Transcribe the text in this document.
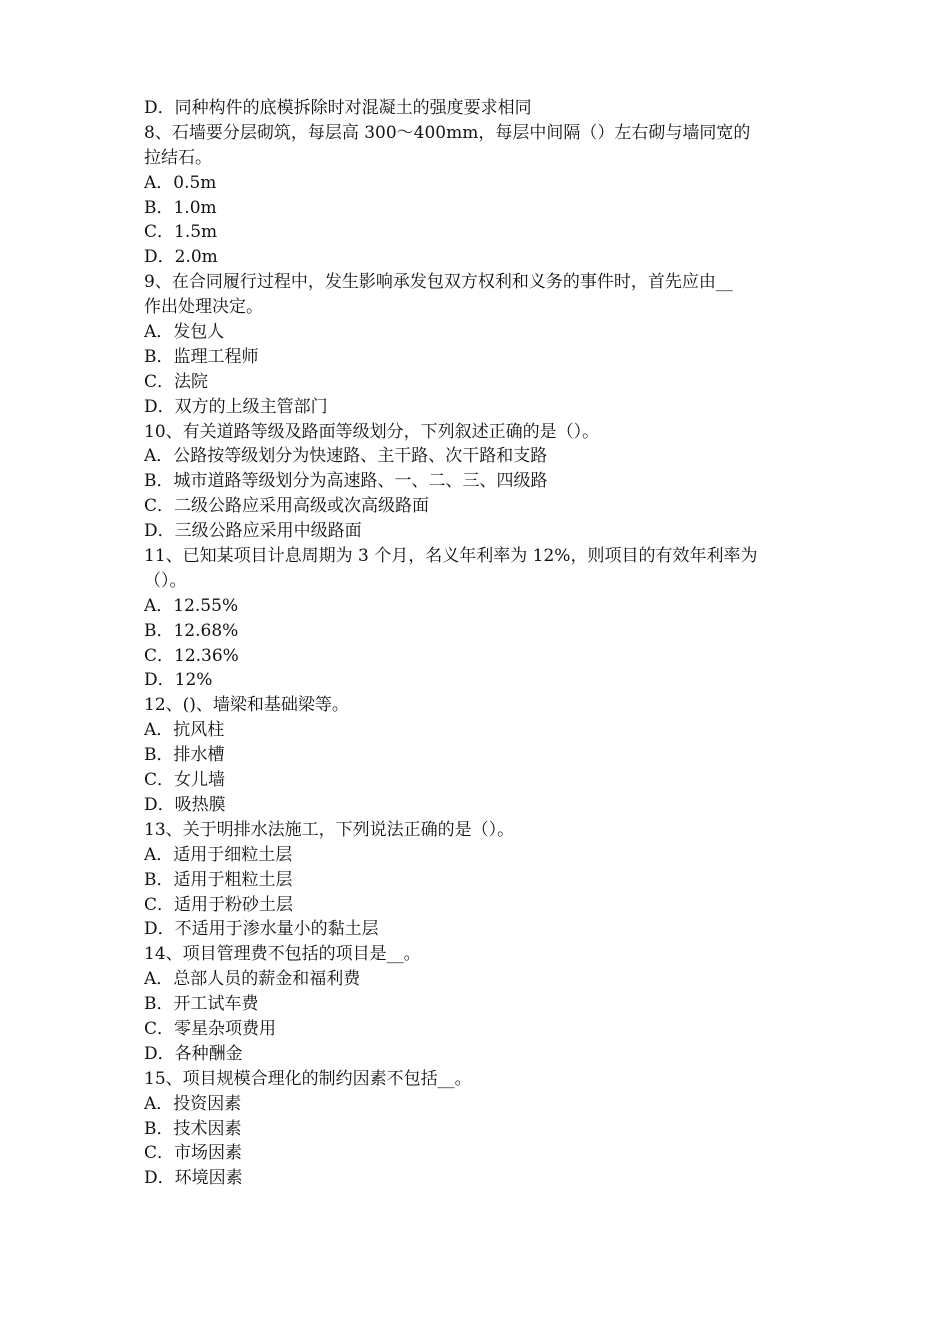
D．同种构件的底模拆除时对混凝土的强度要求相同
8、石墙要分层砌筑，每层高 300～400mm，每层中间隔（）左右砌与墙同宽的
拉结石。
A．0.5m
B．1.0m
C．1.5m
D．2.0m
9、在合同履行过程中，发生影响承发包双方权利和义务的事件时，首先应由__
作出处理决定。
A．发包人
B．监理工程师
C．法院
D．双方的上级主管部门
10、有关道路等级及路面等级划分，下列叙述正确的是（）。
A．公路按等级划分为快速路、主干路、次干路和支路
B．城市道路等级划分为高速路、一、二、三、四级路
C．二级公路应采用高级或次高级路面
D．三级公路应采用中级路面
11、已知某项目计息周期为 3 个月，名义年利率为 12%，则项目的有效年利率为
（）。
A．12.55%
B．12.68%
C．12.36%
D．12%
12、()、墙梁和基础梁等。
A．抗风柱
B．排水槽
C．女儿墙
D．吸热膜
13、关于明排水法施工，下列说法正确的是（）。
A．适用于细粒土层
B．适用于粗粒土层
C．适用于粉砂土层
D．不适用于渗水量小的黏土层
14、项目管理费不包括的项目是__。
A．总部人员的薪金和福利费
B．开工试车费
C．零星杂项费用
D．各种酬金
15、项目规模合理化的制约因素不包括__。
A．投资因素
B．技术因素
C．市场因素
D．环境因素
